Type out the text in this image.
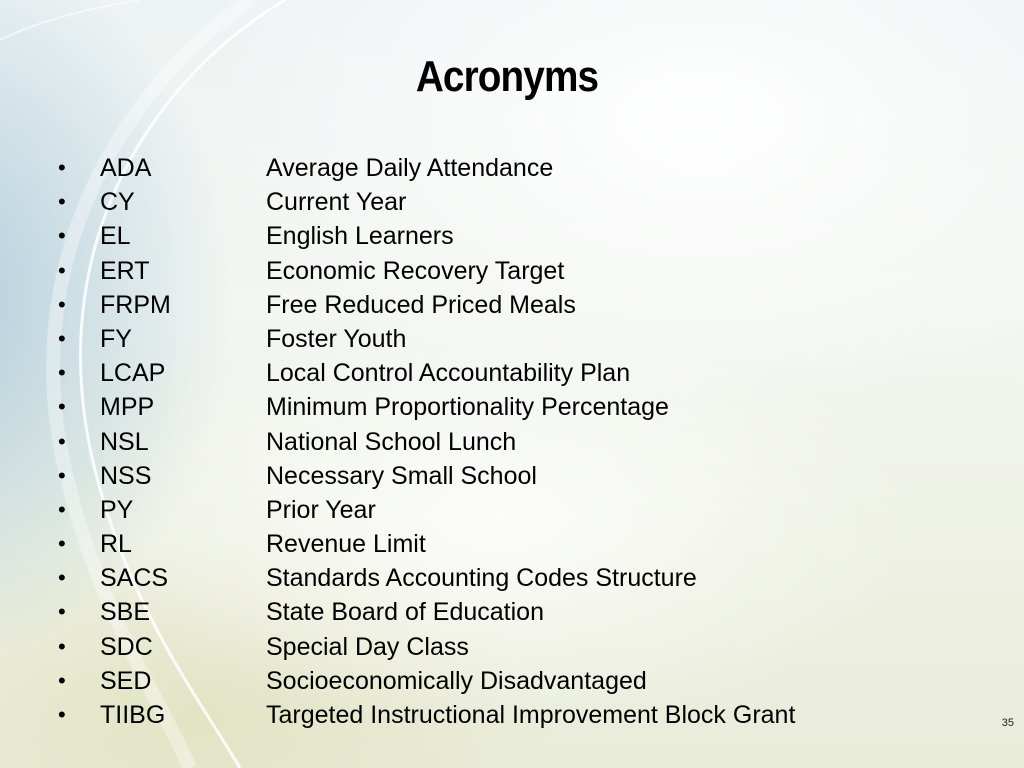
Acronyms
• ADA	Average Daily Attendance
• CY	Current Year
• EL	English Learners
• ERT	Economic Recovery Target
• FRPM	Free Reduced Priced Meals
• FY	Foster Youth
• LCAP	Local Control Accountability Plan
• MPP	Minimum Proportionality Percentage
• NSL	National School Lunch
• NSS	Necessary Small School
• PY	Prior Year
• RL	Revenue Limit
• SACS	Standards Accounting Codes Structure
• SBE	State Board of Education
• SDC	Special Day Class
• SED	Socioeconomically Disadvantaged
• TIIBG	Targeted Instructional Improvement Block Grant	35
